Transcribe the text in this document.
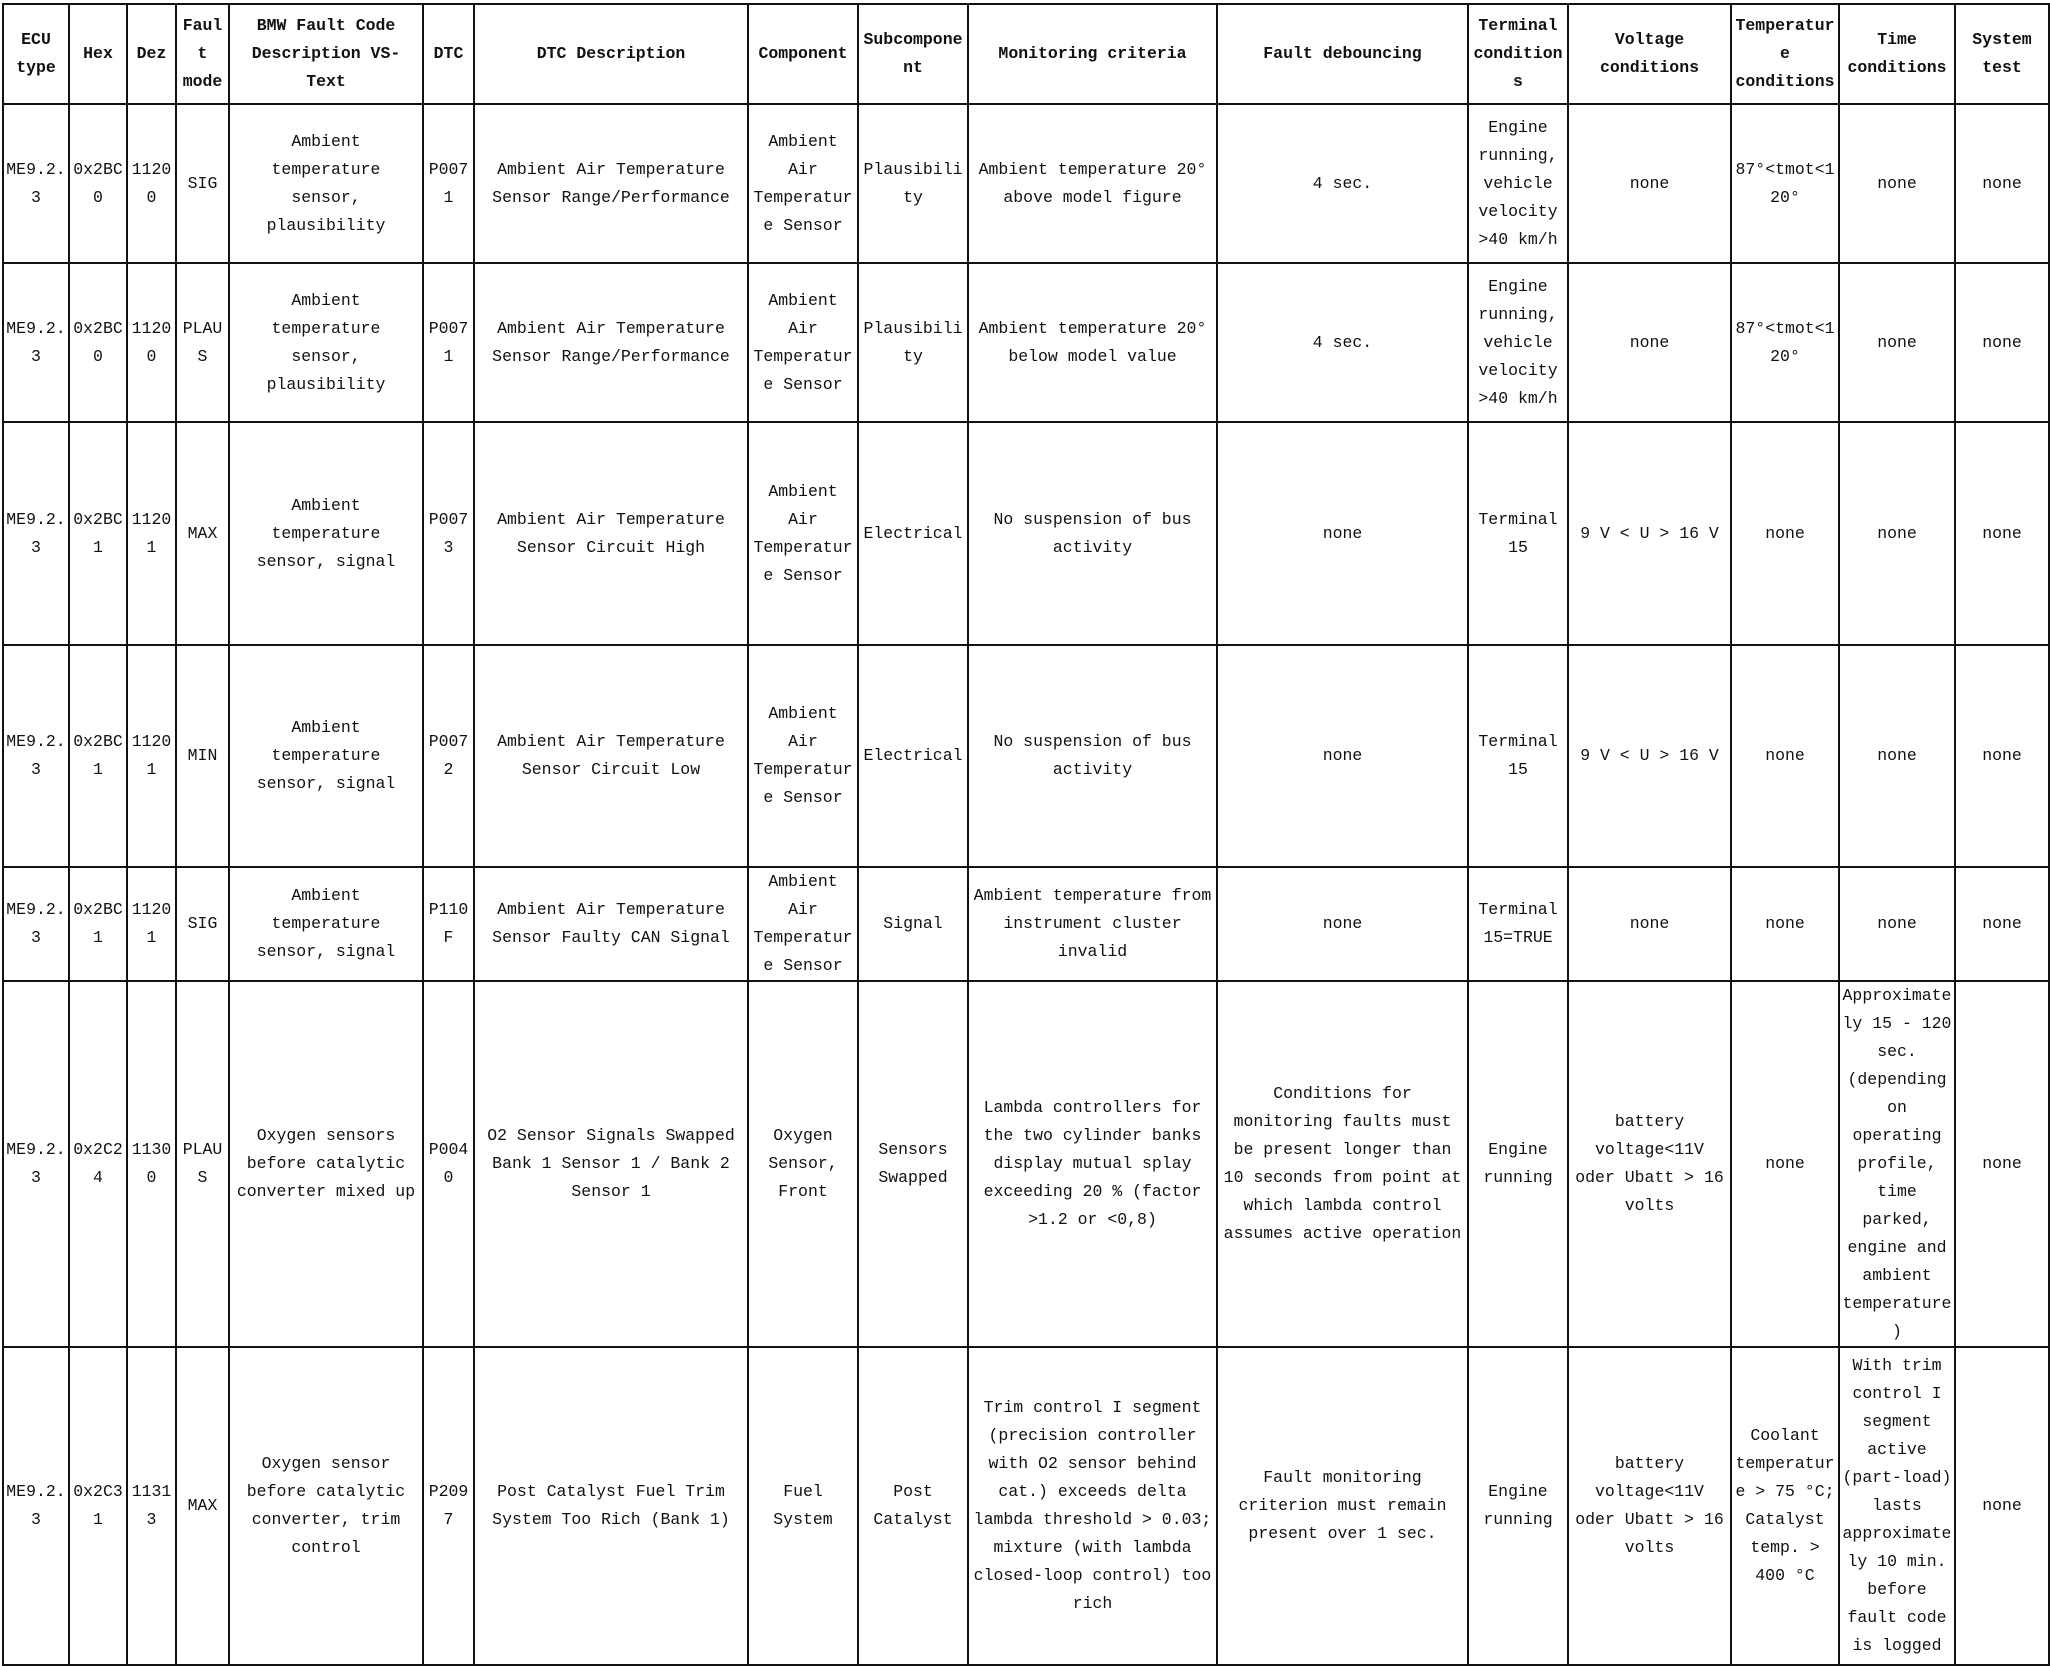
ECU type	Hex	Dez	Fault mode	BMW Fault Code Description VS-Text	DTC	DTC Description	Component	Subcomponent	Monitoring criteria	Fault debouncing	Terminal conditions	Voltage conditions	Temperature conditions	Time conditions	System test
ME9.2.3	0x2BC0	11200	SIG	Ambient temperature sensor, plausibility	P0071	Ambient Air Temperature Sensor Range/Performance	Ambient Air Temperature Sensor	Plausibility	Ambient temperature 20° above model figure	4 sec.	Engine running, vehicle velocity >40 km/h	none	87°<tmot<120°	none	none
ME9.2.3	0x2BC0	11200	PLAUS	Ambient temperature sensor, plausibility	P0071	Ambient Air Temperature Sensor Range/Performance	Ambient Air Temperature Sensor	Plausibility	Ambient temperature 20° below model value	4 sec.	Engine running, vehicle velocity >40 km/h	none	87°<tmot<120°	none	none
ME9.2.3	0x2BC1	11201	MAX	Ambient temperature sensor, signal	P0073	Ambient Air Temperature Sensor Circuit High	Ambient Air Temperature Sensor	Electrical	No suspension of bus activity	none	Terminal 15	9 V < U > 16 V	none	none	none
ME9.2.3	0x2BC1	11201	MIN	Ambient temperature sensor, signal	P0072	Ambient Air Temperature Sensor Circuit Low	Ambient Air Temperature Sensor	Electrical	No suspension of bus activity	none	Terminal 15	9 V < U > 16 V	none	none	none
ME9.2.3	0x2BC1	11201	SIG	Ambient temperature sensor, signal	P110F	Ambient Air Temperature Sensor Faulty CAN Signal	Ambient Air Temperature Sensor	Signal	Ambient temperature from instrument cluster invalid	none	Terminal 15=TRUE	none	none	none	none
ME9.2.3	0x2C24	11300	PLAUS	Oxygen sensors before catalytic converter mixed up	P0040	O2 Sensor Signals Swapped Bank 1 Sensor 1 / Bank 2 Sensor 1	Oxygen Sensor, Front	Sensors Swapped	Lambda controllers for the two cylinder banks display mutual splay exceeding 20 % (factor >1.2 or <0,8)	Conditions for monitoring faults must be present longer than 10 seconds from point at which lambda control assumes active operation	Engine running	battery voltage<11V oder Ubatt > 16 volts	none	Approximately 15 - 120 sec. (depending on operating profile, time parked, engine and ambient temperature)	none
ME9.2.3	0x2C31	11313	MAX	Oxygen sensor before catalytic converter, trim control	P2097	Post Catalyst Fuel Trim System Too Rich (Bank 1)	Fuel System	Post Catalyst	Trim control I segment (precision controller with O2 sensor behind cat.) exceeds delta lambda threshold > 0.03; mixture (with lambda closed-loop control) too rich	Fault monitoring criterion must remain present over 1 sec.	Engine running	battery voltage<11V oder Ubatt > 16 volts	Coolant temperature > 75 °C; Catalyst temp. > 400 °C	With trim control I segment active (part-load) lasts approximately 10 min. before fault code is logged	none
